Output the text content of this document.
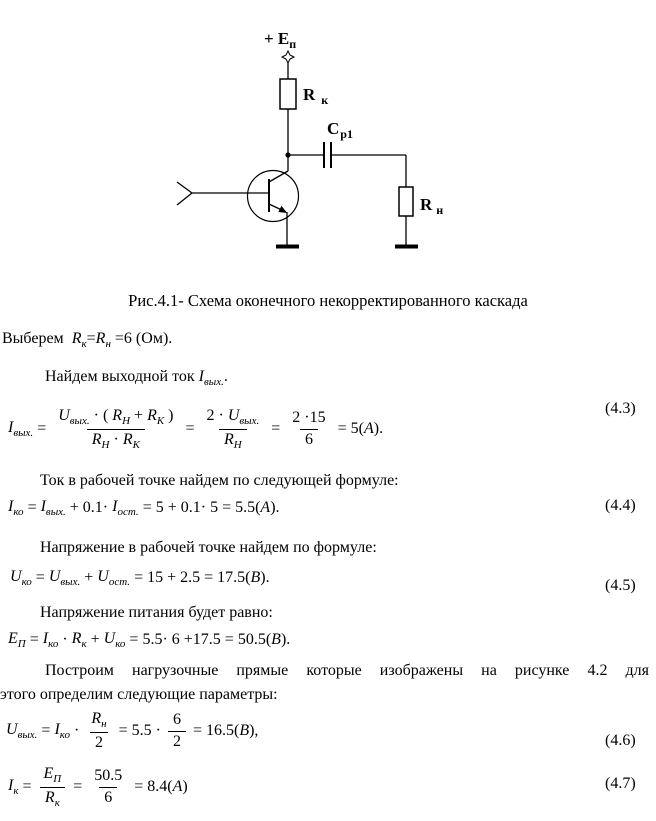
+ $E_п$
R $_к$
$C_{р1}$
R $_н$
Рис.4.1- Схема оконечного некорректированного каскада
Выберем  $R_к=R_н =6$ (Ом).
Найдем выходной ток $I_{вых.}$.
$I_{вых.} = \frac{U_{вых.} \cdot ( R_Н + R_К )}{R_Н \cdot R_К} = \frac{2 \cdot U_{вых.}}{R_Н} = \frac{2 \cdot 15}{6} = 5$( А ).
(4.3)
Ток в рабочей точке найдем по следующей формуле:
$I_{ко} = I_{вых.} + 0.1\cdot I_{ост.} = 5 + 0.1\cdot 5 = 5.5$( А ).	(4.4)
Напряжение в рабочей точке найдем по формуле:
$U_{ко} = U_{вых.} + U_{ост.} = 15 + 2.5 = 17.5$( В ).	(4.5)
Напряжение питания будет равно:
$E_П = I_{ко} \cdot R_к + U_{ко} = 5.5\cdot 6 +17.5 = 50.5$( В ).
Построим нагрузочные прямые которые изображены на рисунке 4.2 для
этого определим следующие параметры:
$U_{вых.} = I_{ко} \cdot \frac{R_н}{2} = 5.5 \cdot \frac{6}{2} = 16.5$( В ),
(4.6)
$I_к = \frac{E_П}{R_к} = \frac{50.5}{6} = 8.4$( А )	(4.7)
